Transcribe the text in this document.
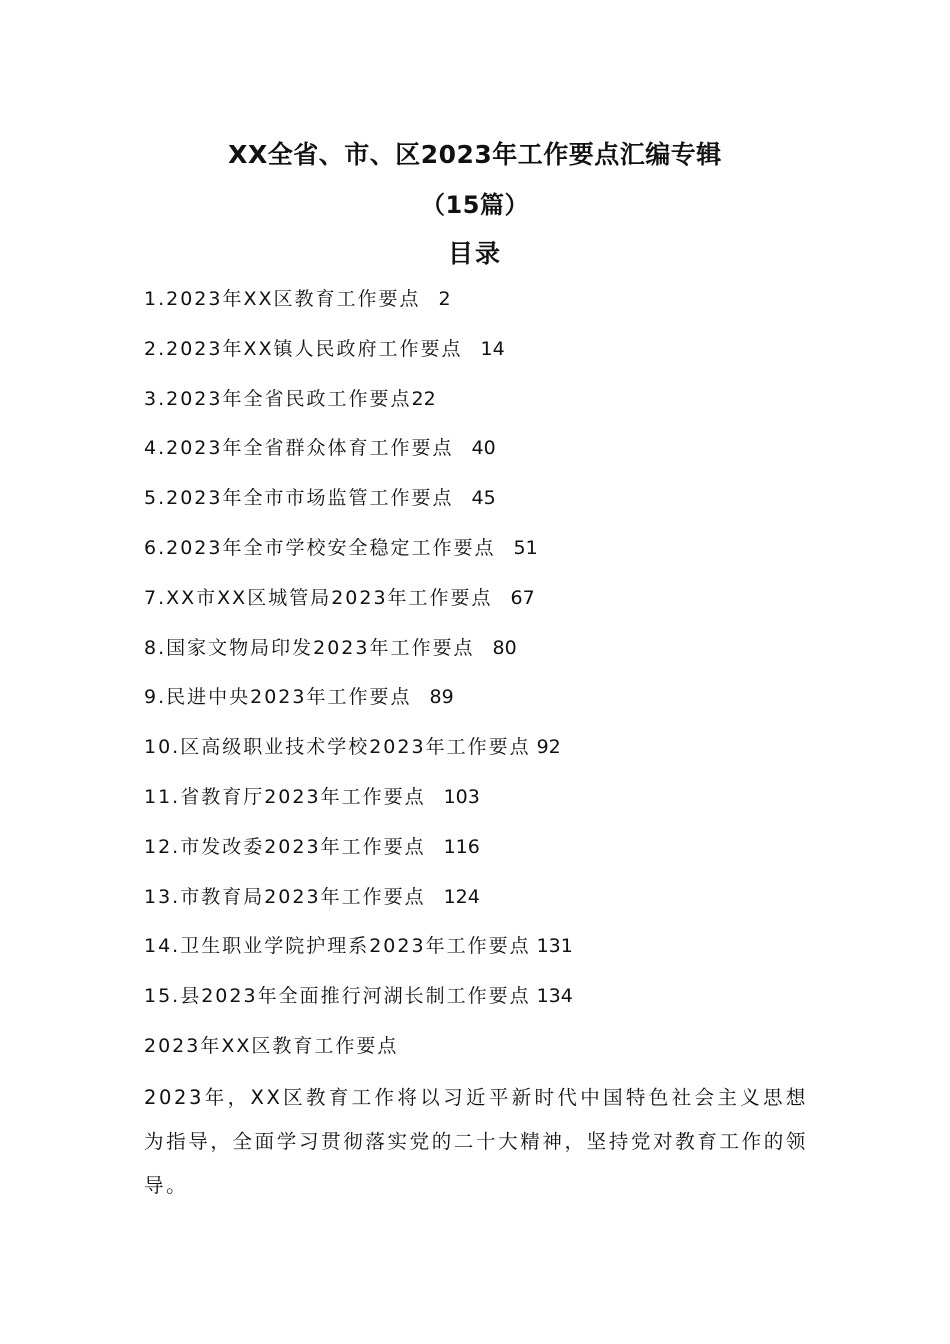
XX全省、市、区2023年工作要点汇编专辑
（15篇）
目录
1.2023年XX区教育工作要点 2
2.2023年XX镇人民政府工作要点 14
3.2023年全省民政工作要点22
4.2023年全省群众体育工作要点 40
5.2023年全市市场监管工作要点 45
6.2023年全市学校安全稳定工作要点 51
7.XX市XX区城管局2023年工作要点 67
8.国家文物局印发2023年工作要点 80
9.民进中央2023年工作要点 89
10.区高级职业技术学校2023年工作要点 92
11.省教育厅2023年工作要点 103
12.市发改委2023年工作要点 116
13.市教育局2023年工作要点 124
14.卫生职业学院护理系2023年工作要点 131
15.县2023年全面推行河湖长制工作要点 134
2023年XX区教育工作要点

2023年，XX区教育工作将以习近平新时代中国特色社会主义思想为指导，全面学习贯彻落实党的二十大精神，坚持党对教育工作的领导。
